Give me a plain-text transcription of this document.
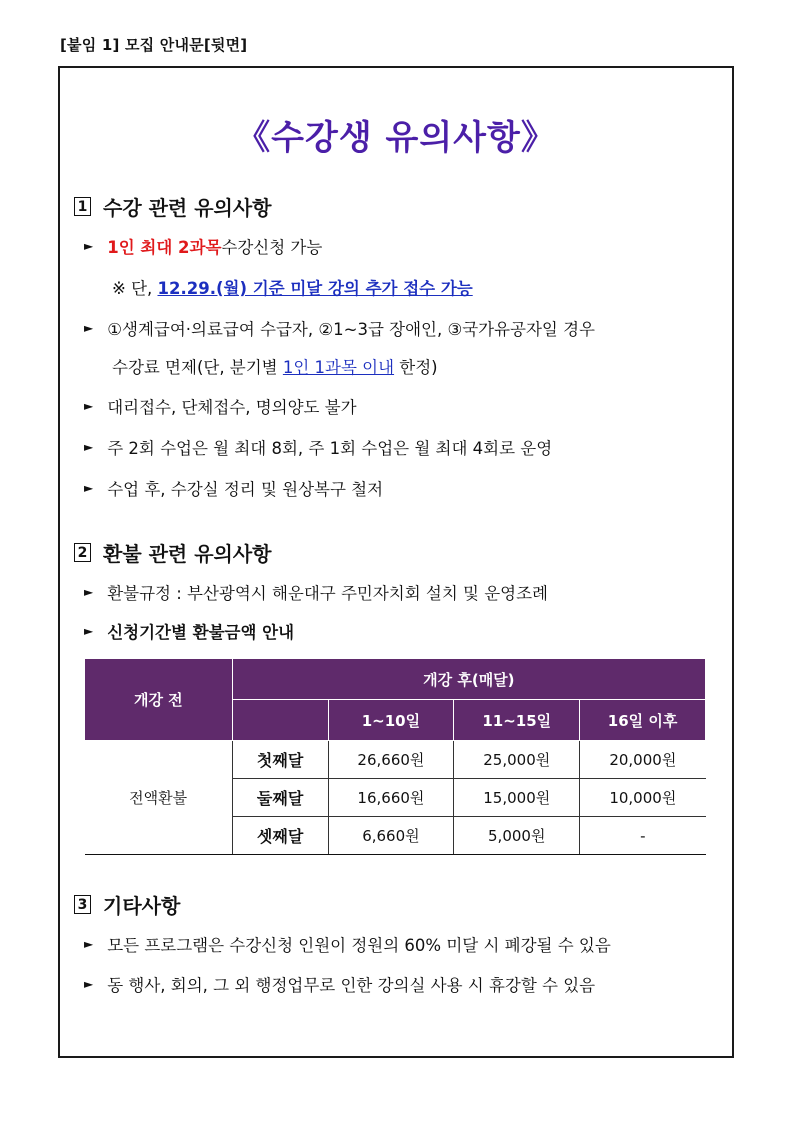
[붙임 1] 모집 안내문[뒷면]
《수강생 유의사항》
1 수강 관련 유의사항
► 1인 최대 2과목 수강신청 가능
※ 단, 12.29.(월) 기준 미달 강의 추가 접수 가능
► ①생계급여·의료급여 수급자, ②1~3급 장애인, ③국가유공자일 경우
수강료 면제(단, 분기별 1인 1과목 이내 한정)
► 대리접수, 단체접수, 명의양도 불가
► 주 2회 수업은 월 최대 8회, 주 1회 수업은 월 최대 4회로 운영
► 수업 후, 수강실 정리 및 원상복구 철저
2 환불 관련 유의사항
► 환불규정 : 부산광역시 해운대구 주민자치회 설치 및 운영조례
► 신청기간별 환불금액 안내
개강 전	개강 후(매달)			
		1~10일	11~15일	16일 이후
전액환불	첫째달	26,660원	25,000원	20,000원
	둘째달	16,660원	15,000원	10,000원
	셋째달	6,660원	5,000원	-
3 기타사항
► 모든 프로그램은 수강신청 인원이 정원의 60% 미달 시 폐강될 수 있음
► 동 행사, 회의, 그 외 행정업무로 인한 강의실 사용 시 휴강할 수 있음
